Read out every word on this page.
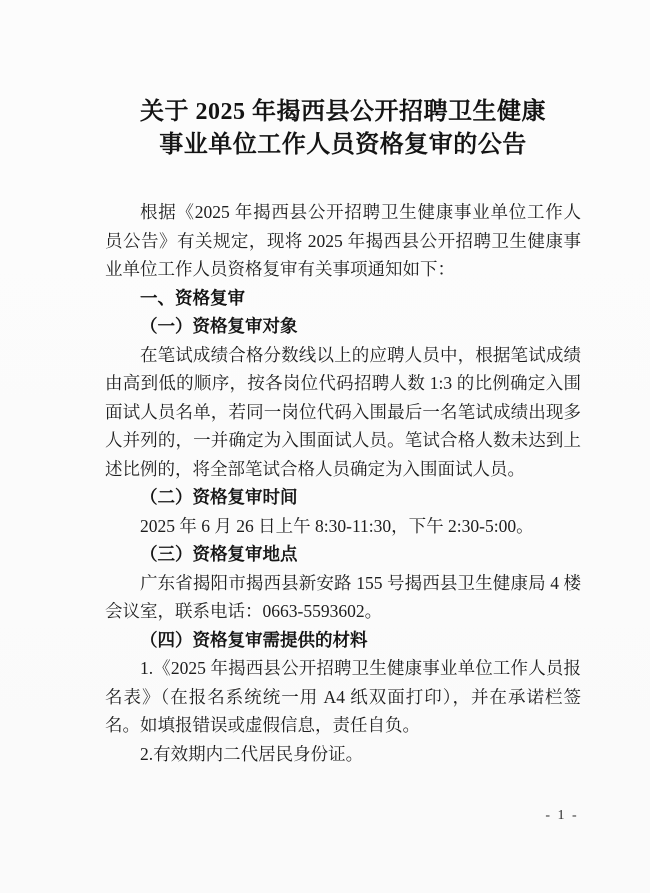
关于 2025 年揭西县公开招聘卫生健康
事业单位工作人员资格复审的公告

根据《2025 年揭西县公开招聘卫生健康事业单位工作人员公告》有关规定，现将 2025 年揭西县公开招聘卫生健康事业单位工作人员资格复审有关事项通知如下：

一、资格复审

（一）资格复审对象

在笔试成绩合格分数线以上的应聘人员中，根据笔试成绩由高到低的顺序，按各岗位代码招聘人数 1:3 的比例确定入围面试人员名单，若同一岗位代码入围最后一名笔试成绩出现多人并列的，一并确定为入围面试人员。笔试合格人数未达到上述比例的，将全部笔试合格人员确定为入围面试人员。

（二）资格复审时间

2025 年 6 月 26 日上午 8:30-11:30，下午 2:30-5:00。

（三）资格复审地点

广东省揭阳市揭西县新安路 155 号揭西县卫生健康局 4 楼会议室，联系电话：0663-5593602。

（四）资格复审需提供的材料

1.《2025 年揭西县公开招聘卫生健康事业单位工作人员报名表》（在报名系统统一用 A4 纸双面打印），并在承诺栏签名。如填报错误或虚假信息，责任自负。

2.有效期内二代居民身份证。

- 1 -
